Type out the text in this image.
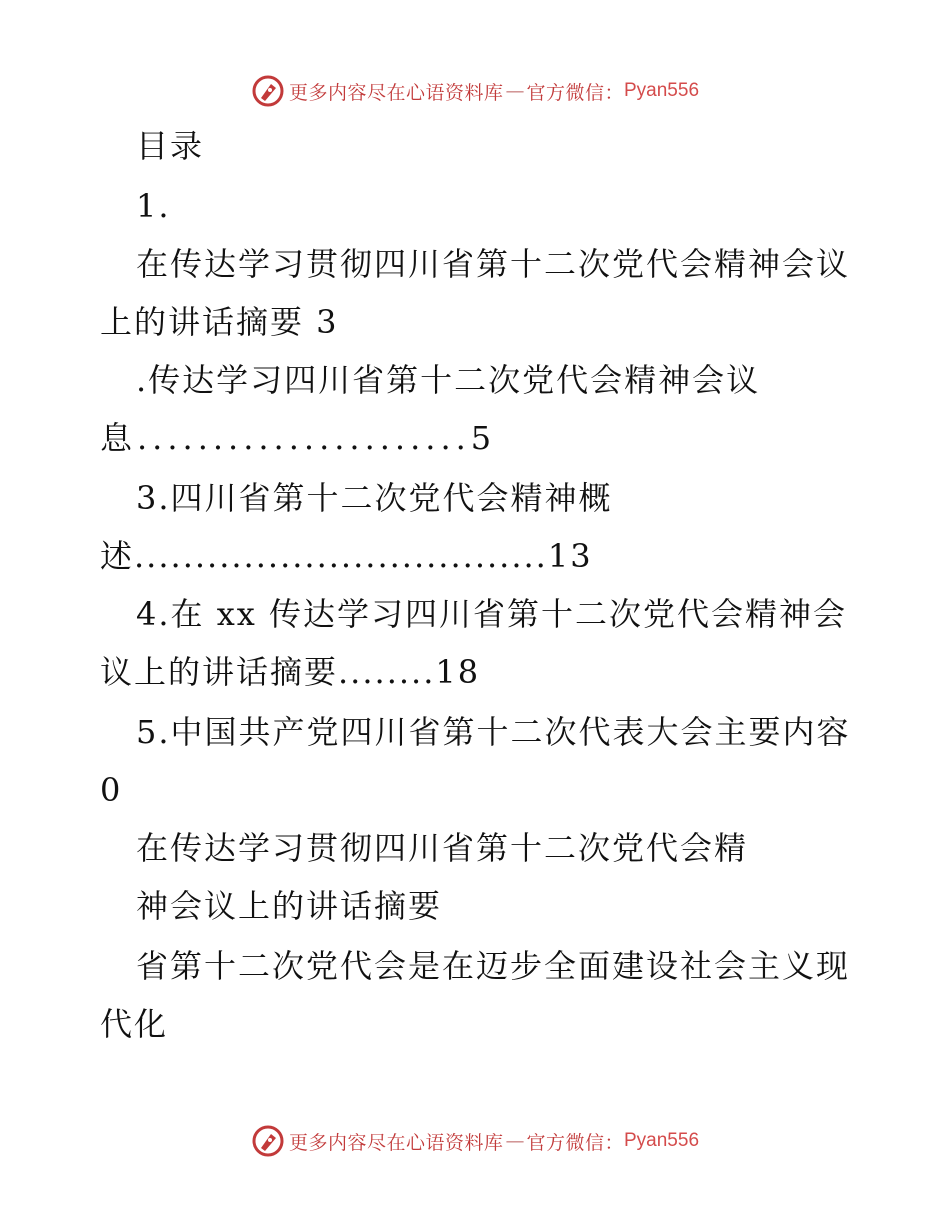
更多内容尽在心语资料库 — 官方微信： Pyan556
目录
1.
在传达学习贯彻四川省第十二次党代会精神会议
上的讲话摘要 3
.传达学习四川省第十二次党代会精神会议
息......................5
3.四川省第十二次党代会精神概
述..................................13
4.在 xx 传达学习四川省第十二次党代会精神会
议上的讲话摘要........18
5.中国共产党四川省第十二次代表大会主要内容
0
在传达学习贯彻四川省第十二次党代会精
神会议上的讲话摘要
省第十二次党代会是在迈步全面建设社会主义现
代化
更多内容尽在心语资料库 — 官方微信： Pyan556
